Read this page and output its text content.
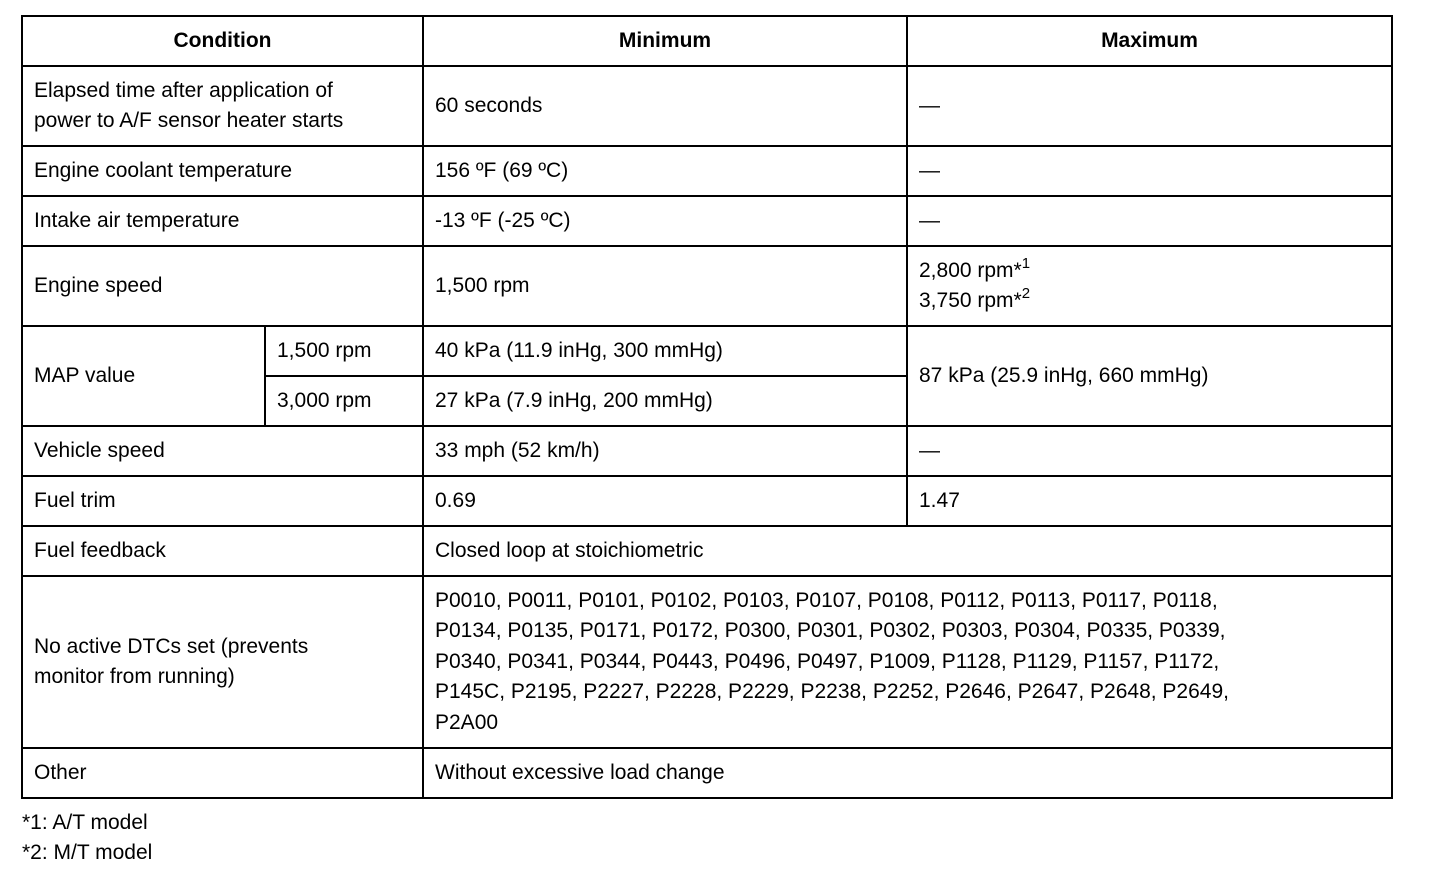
Condition		Minimum	Maximum
Elapsed time after application of
power to A/F sensor heater starts		60 seconds	—
Engine coolant temperature		156 ºF (69 ºC)	—
Intake air temperature		-13 ºF (-25 ºC)	—
Engine speed		1,500 rpm	2,800 rpm*$^1$
3,750 rpm*$^2$
MAP value	1,500 rpm	40 kPa (11.9 inHg, 300 mmHg)	87 kPa (25.9 inHg, 660 mmHg)
	3,000 rpm	27 kPa (7.9 inHg, 200 mmHg)	
Vehicle speed		33 mph (52 km/h)	—
Fuel trim		0.69	1.47
Fuel feedback		Closed loop at stoichiometric	
No active DTCs set (prevents
monitor from running)		P0010, P0011, P0101, P0102, P0103, P0107, P0108, P0112, P0113, P0117, P0118,
P0134, P0135, P0171, P0172, P0300, P0301, P0302, P0303, P0304, P0335, P0339,
P0340, P0341, P0344, P0443, P0496, P0497, P1009, P1128, P1129, P1157, P1172,
P145C, P2195, P2227, P2228, P2229, P2238, P2252, P2646, P2647, P2648, P2649,
P2A00	
Other		Without excessive load change	
*1: A/T model
*2: M/T model
